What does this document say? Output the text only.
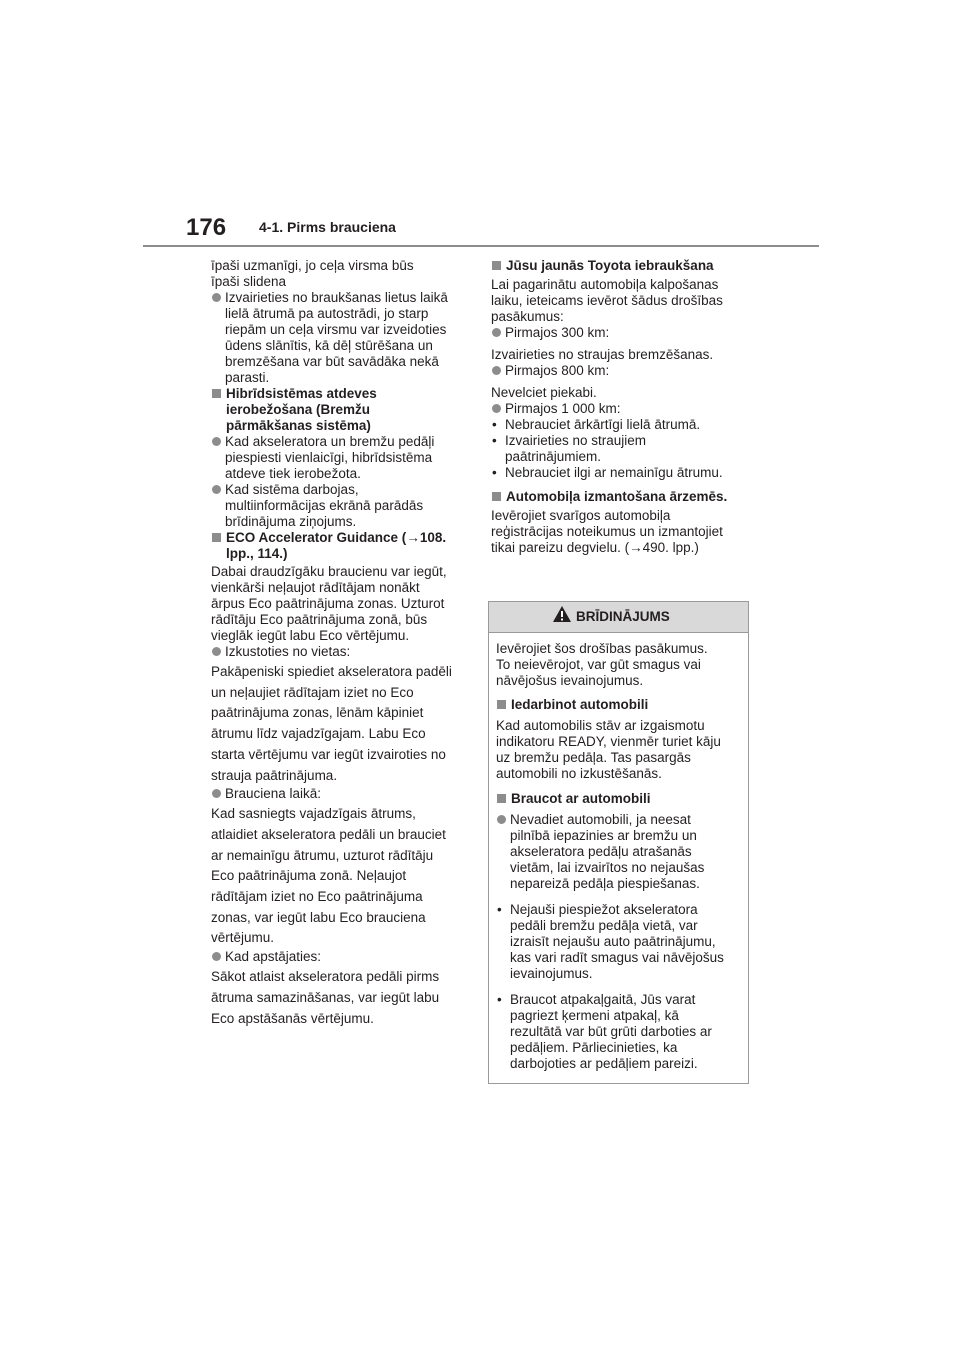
176 4-1. Pirms brauciena

īpaši uzmanīgi, jo ceļa virsma būs
īpaši slidena

Izvairieties no braukšanas lietus laikā
lielā ātrumā pa autostrādi, jo starp
riepām un ceļa virsmu var izveidoties
ūdens slānītis, kā dēļ stūrēšana un
bremzēšana var būt savādāka nekā
parasti.

Hibrīdsistēmas atdeves
ierobežošana (Bremžu
pārmākšanas sistēma)

Kad akseleratora un bremžu pedāļi
piespiesti vienlaicīgi, hibrīdsistēma
atdeve tiek ierobežota.

Kad sistēma darbojas,
multiinformācijas ekrānā parādās
brīdinājuma ziņojums.

ECO Accelerator Guidance (→108.
lpp., 114.)

Dabai draudzīgāku braucienu var iegūt,
vienkārši neļaujot rādītājam nonākt
ārpus Eco paātrinājuma zonas. Uzturot
rādītāju Eco paātrinājuma zonā, būs
vieglāk iegūt labu Eco vērtējumu.

Izkustoties no vietas:

Pakāpeniski spiediet akseleratora padēli
un neļaujiet rādītajam iziet no Eco
paātrinājuma zonas, lēnām kāpiniet
ātrumu līdz vajadzīgajam. Labu Eco
starta vērtējumu var iegūt izvairoties no
strauja paātrinājuma.

Brauciena laikā:

Kad sasniegts vajadzīgais ātrums,
atlaidiet akseleratora pedāli un brauciet
ar nemainīgu ātrumu, uzturot rādītāju
Eco paātrinājuma zonā. Neļaujot
rādītājam iziet no Eco paātrinājuma
zonas, var iegūt labu Eco brauciena
vērtējumu.

Kad apstājaties:

Sākot atlaist akseleratora pedāli pirms
ātruma samazināšanas, var iegūt labu
Eco apstāšanās vērtējumu.

Jūsu jaunās Toyota iebraukšana

Lai pagarinātu automobiļa kalpošanas
laiku, ieteicams ievērot šādus drošības
pasākumus:

Pirmajos 300 km:

Izvairieties no straujas bremzēšanas.

Pirmajos 800 km:

Nevelciet piekabi.

Pirmajos 1 000 km:

• Nebrauciet ārkārtīgi lielā ātrumā.

• Izvairieties no straujiem
paātrinājumiem.

• Nebrauciet ilgi ar nemainīgu ātrumu.

Automobiļa izmantošana ārzemēs.

Ievērojiet svarīgos automobiļa
reģistrācijas noteikumus un izmantojiet
tikai pareizu degvielu. (→490. lpp.)

BRĪDINĀJUMS

Ievērojiet šos drošības pasākumus.
To neievērojot, var gūt smagus vai
nāvējošus ievainojumus.

Iedarbinot automobili

Kad automobilis stāv ar izgaismotu
indikatoru READY, vienmēr turiet kāju
uz bremžu pedāļa. Tas pasargās
automobili no izkustēšanās.

Braucot ar automobili

Nevadiet automobili, ja neesat
pilnībā iepazinies ar bremžu un
akseleratora pedāļu atrašanās
vietām, lai izvairītos no nejaušas
nepareizā pedāļa piespiešanas.

• Nejauši piespiežot akseleratora
pedāli bremžu pedāļa vietā, var
izraisīt nejaušu auto paātrinājumu,
kas vari radīt smagus vai nāvējošus
ievainojumus.

• Braucot atpakaļgaitā, Jūs varat
pagriezt ķermeni atpakaļ, kā
rezultātā var būt grūti darboties ar
pedāļiem. Pārliecinieties, ka
darbojoties ar pedāļiem pareizi.
